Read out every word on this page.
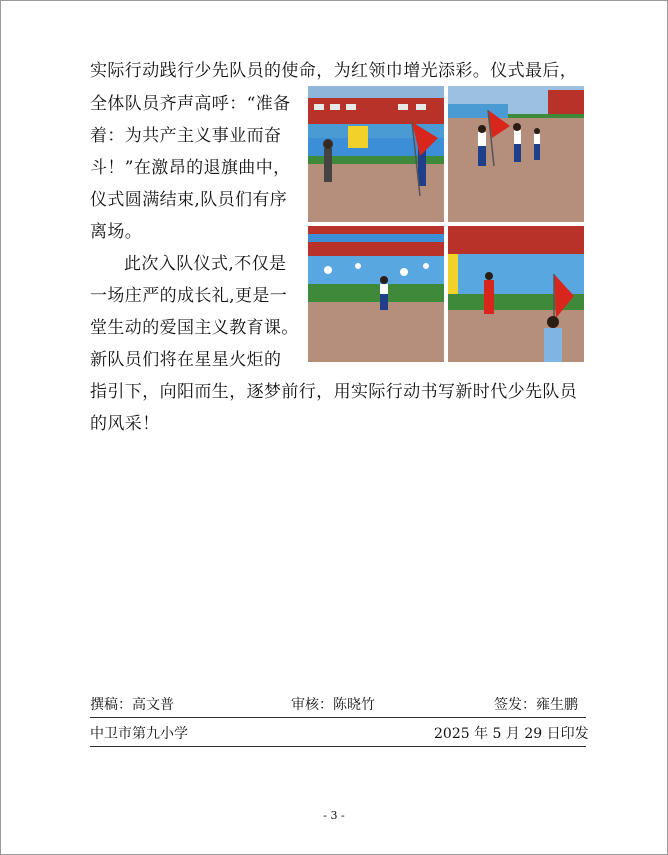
实际行动践行少先队员的使命，为红领巾增光添彩。仪式最后，
全体队员齐声高呼：“准备
着：为共产主义事业而奋
斗！”在激昂的退旗曲中，
仪式圆满结束,队员们有序
离场。
此次入队仪式,不仅是
一场庄严的成长礼,更是一
堂生动的爱国主义教育课。
新队员们将在星星火炬的
指引下，向阳而生，逐梦前行，用实际行动书写新时代少先队员
的风采！
撰稿：高文普	审核：陈晓竹	签发：雍生鹏
中卫市第九小学	2025 年 5 月 29 日印发
- 3 -
